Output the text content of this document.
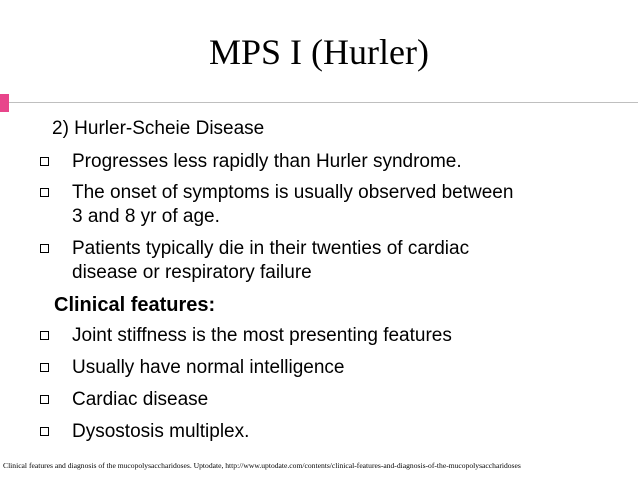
MPS I (Hurler)
2) Hurler-Scheie Disease
Progresses less rapidly than Hurler syndrome.
The onset of symptoms is usually observed between
3 and 8 yr of age.
Patients typically die in their twenties of cardiac
disease or respiratory failure
Clinical features:
Joint stiffness is the most presenting features
Usually have normal intelligence
Cardiac disease
Dysostosis multiplex.
Clinical features and diagnosis of the mucopolysaccharidoses. Uptodate, http://www.uptodate.com/contents/clinical-features-and-diagnosis-of-the-mucopolysaccharidoses
